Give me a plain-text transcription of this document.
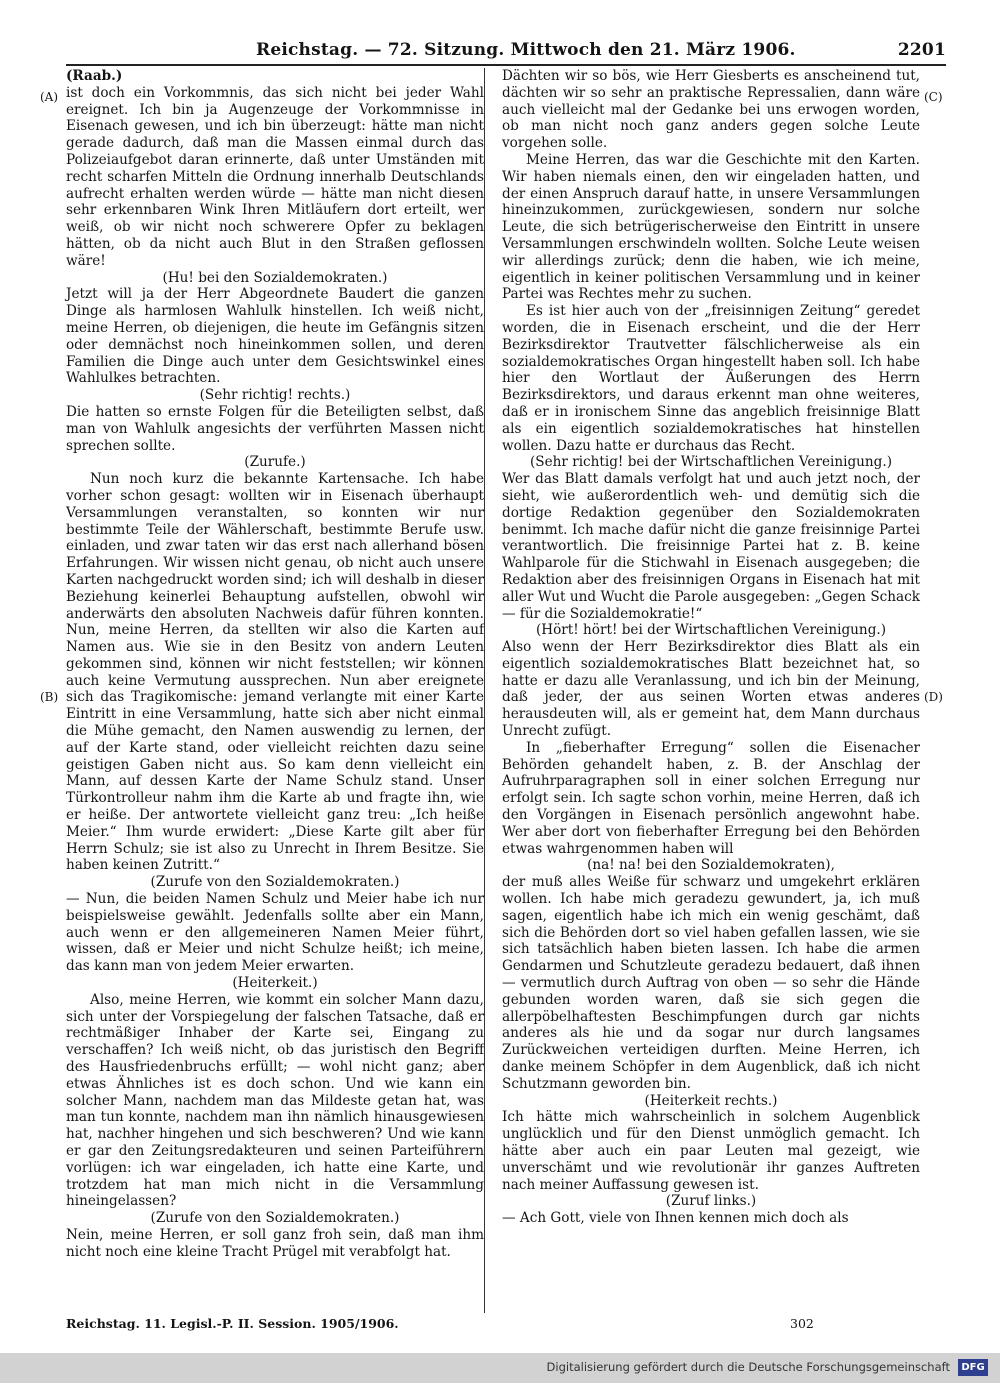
Reichstag. — 72. Sitzung. Mittwoch den 21. März 1906.	2201
(A)
(B)
(C)
(D)

(Raab.)

ist doch ein Vorkommnis, das sich nicht bei jeder Wahl ereignet. Ich bin ja Augenzeuge der Vorkommnisse in Eisenach gewesen, und ich bin überzeugt: hätte man nicht gerade dadurch, daß man die Massen einmal durch das Polizeiaufgebot daran erinnerte, daß unter Umständen mit recht scharfen Mitteln die Ordnung innerhalb Deutschlands aufrecht erhalten werden würde — hätte man nicht diesen sehr erkennbaren Wink Ihren Mitläufern dort erteilt, wer weiß, ob wir nicht noch schwerere Opfer zu beklagen hätten, ob da nicht auch Blut in den Straßen geflossen wäre!

(Hu! bei den Sozialdemokraten.)

Jetzt will ja der Herr Abgeordnete Baudert die ganzen Dinge als harmlosen Wahlulk hinstellen. Ich weiß nicht, meine Herren, ob diejenigen, die heute im Gefängnis sitzen oder demnächst noch hineinkommen sollen, und deren Familien die Dinge auch unter dem Gesichtswinkel eines Wahlulkes betrachten.

(Sehr richtig! rechts.)

Die hatten so ernste Folgen für die Beteiligten selbst, daß man von Wahlulk angesichts der verführten Massen nicht sprechen sollte.

(Zurufe.)

Nun noch kurz die bekannte Kartensache. Ich habe vorher schon gesagt: wollten wir in Eisenach überhaupt Versammlungen veranstalten, so konnten wir nur bestimmte Teile der Wählerschaft, bestimmte Berufe usw. einladen, und zwar taten wir das erst nach allerhand bösen Erfahrungen. Wir wissen nicht genau, ob nicht auch unsere Karten nachgedruckt worden sind; ich will deshalb in dieser Beziehung keinerlei Behauptung aufstellen, obwohl wir anderwärts den absoluten Nachweis dafür führen konnten. Nun, meine Herren, da stellten wir also die Karten auf Namen aus. Wie sie in den Besitz von andern Leuten gekommen sind, können wir nicht feststellen; wir können auch keine Vermutung aussprechen. Nun aber ereignete sich das Tragikomische: jemand verlangte mit einer Karte Eintritt in eine Versammlung, hatte sich aber nicht einmal die Mühe gemacht, den Namen auswendig zu lernen, der auf der Karte stand, oder vielleicht reichten dazu seine geistigen Gaben nicht aus. So kam denn vielleicht ein Mann, auf dessen Karte der Name Schulz stand. Unser Türkontrolleur nahm ihm die Karte ab und fragte ihn, wie er heiße. Der antwortete vielleicht ganz treu: „Ich heiße Meier.“ Ihm wurde erwidert: „Diese Karte gilt aber für Herrn Schulz; sie ist also zu Unrecht in Ihrem Besitze. Sie haben keinen Zutritt.“

(Zurufe von den Sozialdemokraten.)

— Nun, die beiden Namen Schulz und Meier habe ich nur beispielsweise gewählt. Jedenfalls sollte aber ein Mann, auch wenn er den allgemeineren Namen Meier führt, wissen, daß er Meier und nicht Schulze heißt; ich meine, das kann man von jedem Meier erwarten.

(Heiterkeit.)

Also, meine Herren, wie kommt ein solcher Mann dazu, sich unter der Vorspiegelung der falschen Tatsache, daß er rechtmäßiger Inhaber der Karte sei, Eingang zu verschaffen? Ich weiß nicht, ob das juristisch den Begriff des Hausfriedenbruchs erfüllt; — wohl nicht ganz; aber etwas Ähnliches ist es doch schon. Und wie kann ein solcher Mann, nachdem man das Mildeste getan hat, was man tun konnte, nachdem man ihn nämlich hinausgewiesen hat, nachher hingehen und sich beschweren? Und wie kann er gar den Zeitungsredakteuren und seinen Parteiführern vorlügen: ich war eingeladen, ich hatte eine Karte, und trotzdem hat man mich nicht in die Versammlung hineingelassen?

(Zurufe von den Sozialdemokraten.)

Nein, meine Herren, er soll ganz froh sein, daß man ihm nicht noch eine kleine Tracht Prügel mit verabfolgt hat.

Dächten wir so bös, wie Herr Giesberts es anscheinend tut, dächten wir so sehr an praktische Repressalien, dann wäre auch vielleicht mal der Gedanke bei uns erwogen worden, ob man nicht noch ganz anders gegen solche Leute vorgehen solle.

Meine Herren, das war die Geschichte mit den Karten. Wir haben niemals einen, den wir eingeladen hatten, und der einen Anspruch darauf hatte, in unsere Versammlungen hineinzukommen, zurückgewiesen, sondern nur solche Leute, die sich betrügerischerweise den Eintritt in unsere Versammlungen erschwindeln wollten. Solche Leute weisen wir allerdings zurück; denn die haben, wie ich meine, eigentlich in keiner politischen Versammlung und in keiner Partei was Rechtes mehr zu suchen.

Es ist hier auch von der „freisinnigen Zeitung“ geredet worden, die in Eisenach erscheint, und die der Herr Bezirksdirektor Trautvetter fälschlicherweise als ein sozialdemokratisches Organ hingestellt haben soll. Ich habe hier den Wortlaut der Äußerungen des Herrn Bezirksdirektors, und daraus erkennt man ohne weiteres, daß er in ironischem Sinne das angeblich freisinnige Blatt als ein eigentlich sozialdemokratisches hat hinstellen wollen. Dazu hatte er durchaus das Recht.

(Sehr richtig! bei der Wirtschaftlichen Vereinigung.)

Wer das Blatt damals verfolgt hat und auch jetzt noch, der sieht, wie außerordentlich weh- und demütig sich die dortige Redaktion gegenüber den Sozialdemokraten benimmt. Ich mache dafür nicht die ganze freisinnige Partei verantwortlich. Die freisinnige Partei hat z. B. keine Wahlparole für die Stichwahl in Eisenach ausgegeben; die Redaktion aber des freisinnigen Organs in Eisenach hat mit aller Wut und Wucht die Parole ausgegeben: „Gegen Schack — für die Sozialdemokratie!“

(Hört! hört! bei der Wirtschaftlichen Vereinigung.)

Also wenn der Herr Bezirksdirektor dies Blatt als ein eigentlich sozialdemokratisches Blatt bezeichnet hat, so hatte er dazu alle Veranlassung, und ich bin der Meinung, daß jeder, der aus seinen Worten etwas anderes herausdeuten will, als er gemeint hat, dem Mann durchaus Unrecht zufügt.

In „fieberhafter Erregung“ sollen die Eisenacher Behörden gehandelt haben, z. B. der Anschlag der Aufruhrparagraphen soll in einer solchen Erregung nur erfolgt sein. Ich sagte schon vorhin, meine Herren, daß ich den Vorgängen in Eisenach persönlich angewohnt habe. Wer aber dort von fieberhafter Erregung bei den Behörden etwas wahrgenommen haben will

(na! na! bei den Sozialdemokraten),

der muß alles Weiße für schwarz und umgekehrt erklären wollen. Ich habe mich geradezu gewundert, ja, ich muß sagen, eigentlich habe ich mich ein wenig geschämt, daß sich die Behörden dort so viel haben gefallen lassen, wie sie sich tatsächlich haben bieten lassen. Ich habe die armen Gendarmen und Schutzleute geradezu bedauert, daß ihnen — vermutlich durch Auftrag von oben — so sehr die Hände gebunden worden waren, daß sie sich gegen die allerpöbelhaftesten Beschimpfungen durch gar nichts anderes als hie und da sogar nur durch langsames Zurückweichen verteidigen durften. Meine Herren, ich danke meinem Schöpfer in dem Augenblick, daß ich nicht Schutzmann geworden bin.

(Heiterkeit rechts.)

Ich hätte mich wahrscheinlich in solchem Augenblick unglücklich und für den Dienst unmöglich gemacht. Ich hätte aber auch ein paar Leuten mal gezeigt, wie unverschämt und wie revolutionär ihr ganzes Auftreten nach meiner Auffassung gewesen ist.

(Zuruf links.)

— Ach Gott, viele von Ihnen kennen mich doch als

Reichstag. 11. Legisl.-P. II. Session. 1905/1906.	302
Digitalisierung gefördert durch die Deutsche Forschungsgemeinschaft	DFG
